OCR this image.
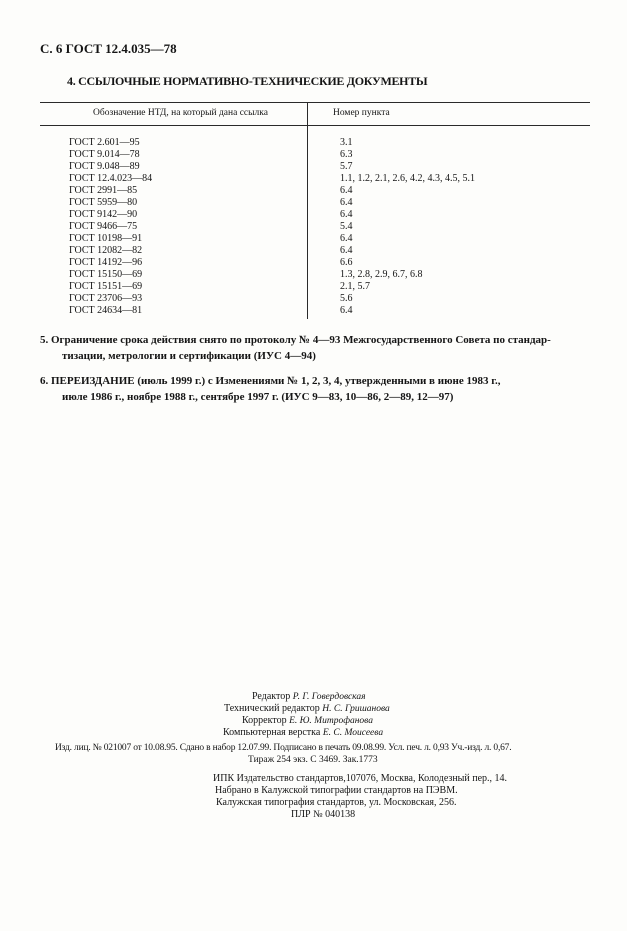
С. 6 ГОСТ 12.4.035—78
4. ССЫЛОЧНЫЕ НОРМАТИВНО-ТЕХНИЧЕСКИЕ ДОКУМЕНТЫ
Обозначение НТД, на который дана ссылка	Номер пункта
ГОСТ 2.601—95	3.1
ГОСТ 9.014—78	6.3
ГОСТ 9.048—89	5.7
ГОСТ 12.4.023—84	1.1, 1.2, 2.1, 2.6, 4.2, 4.3, 4.5, 5.1
ГОСТ 2991—85	6.4
ГОСТ 5959—80	6.4
ГОСТ 9142—90	6.4
ГОСТ 9466—75	5.4
ГОСТ 10198—91	6.4
ГОСТ 12082—82	6.4
ГОСТ 14192—96	6.6
ГОСТ 15150—69	1.3, 2.8, 2.9, 6.7, 6.8
ГОСТ 15151—69	2.1, 5.7
ГОСТ 23706—93	5.6
ГОСТ 24634—81	6.4
5. Ограничение срока действия снято по протоколу № 4—93 Межгосударственного Совета по стандар-
тизации, метрологии и сертификации (ИУС 4—94)
6. ПЕРЕИЗДАНИЕ (июль 1999 г.) с Изменениями № 1, 2, 3, 4, утвержденными в июне 1983 г.,
июле 1986 г., ноябре 1988 г., сентябре 1997 г. (ИУС 9—83, 10—86, 2—89, 12—97)
Редактор Р. Г. Говердовская
Технический редактор Н. С. Гришанова
Корректор Е. Ю. Митрофанова
Компьютерная верстка Е. С. Моисеева
Изд. лиц. № 021007 от 10.08.95. Сдано в набор 12.07.99. Подписано в печать 09.08.99. Усл. печ. л. 0,93 Уч.-изд. л. 0,67.
Тираж 254 экз. С 3469. Зак.1773
ИПК Издательство стандартов,107076, Москва, Колодезный пер., 14.
Набрано в Калужской типографии стандартов на ПЭВМ.
Калужская типография стандартов, ул. Московская, 256.
ПЛР № 040138
